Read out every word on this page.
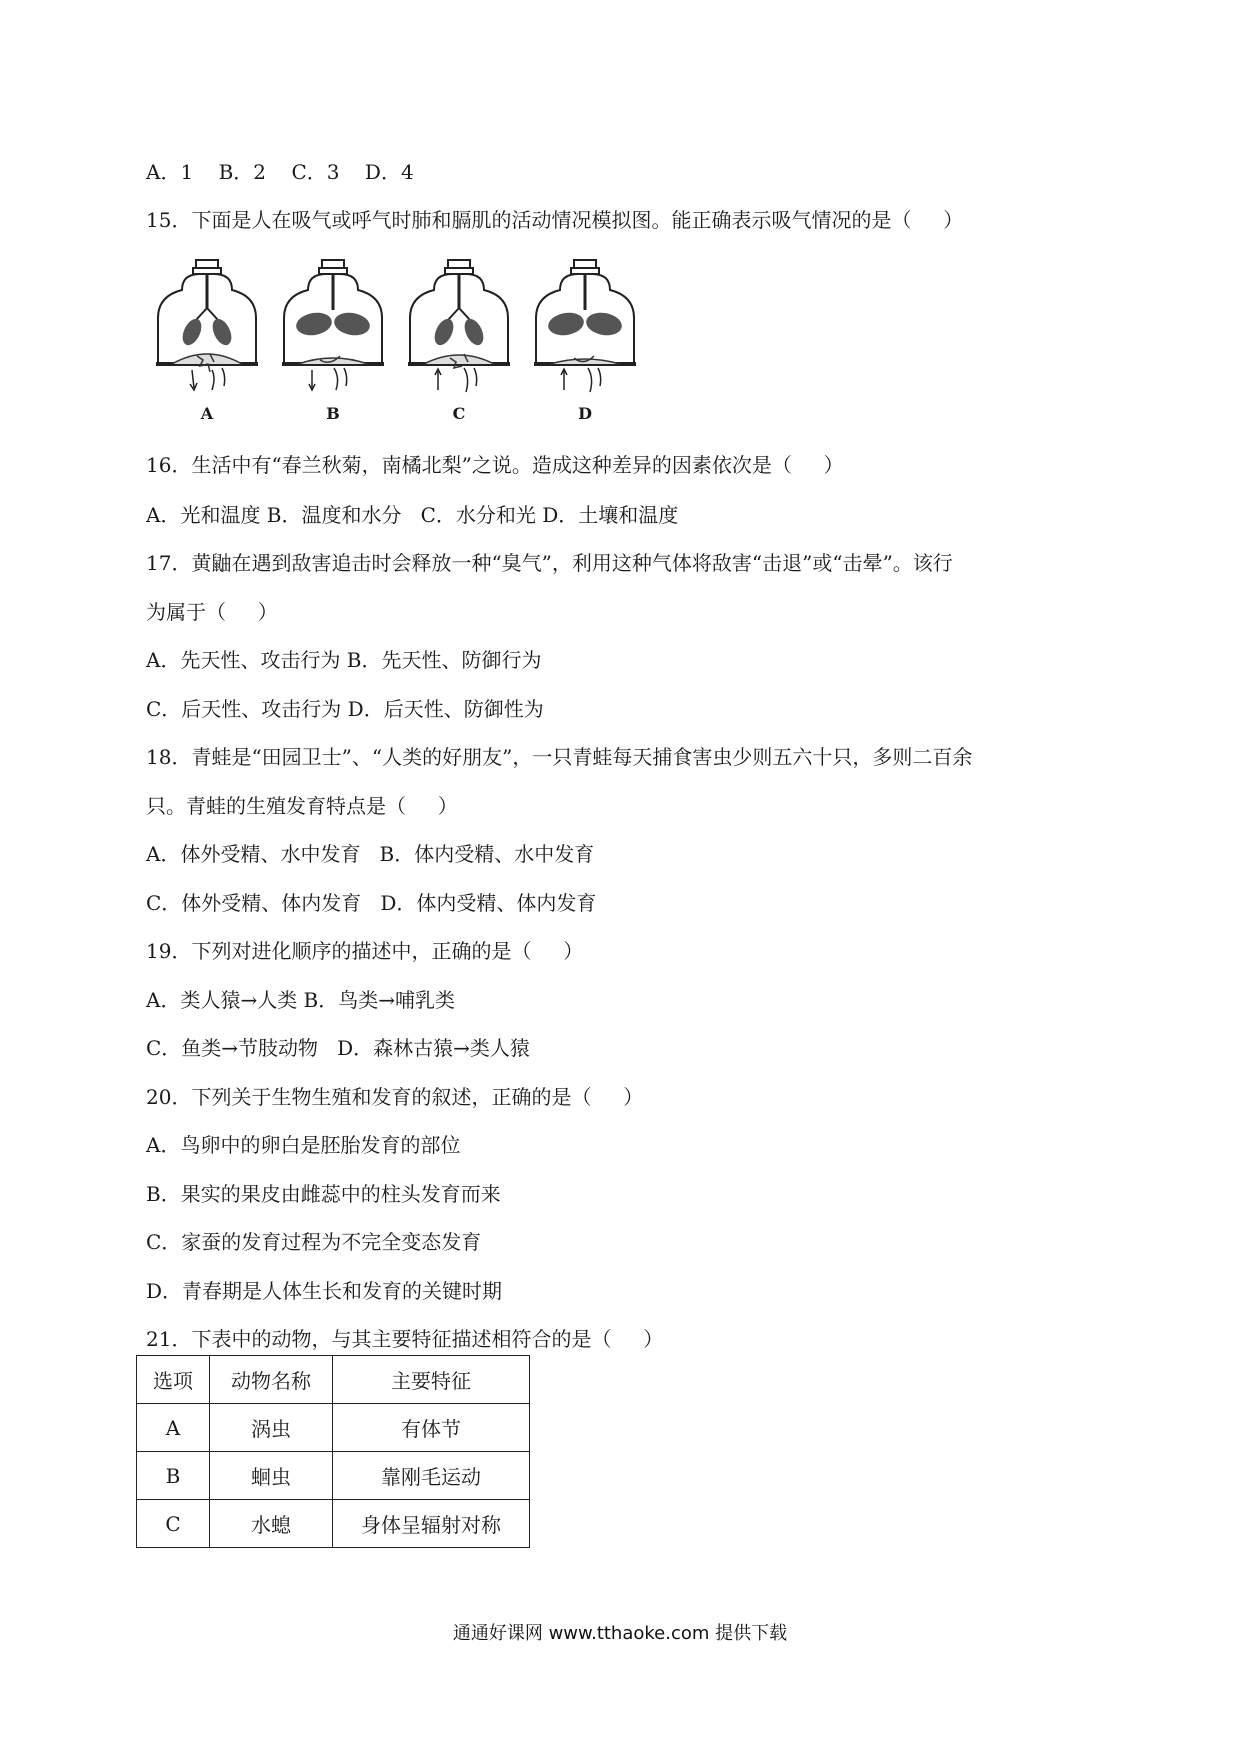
A．1    B．2    C．3    D．4
15．下面是人在吸气或呼气时肺和膈肌的活动情况模拟图。能正确表示吸气情况的是（     ）
A	B	C	D
16．生活中有“春兰秋菊，南橘北梨”之说。造成这种差异的因素依次是（     ）
A．光和温度 B．温度和水分   C．水分和光 D．土壤和温度
17．黄鼬在遇到敌害追击时会释放一种“臭气”，利用这种气体将敌害“击退”或“击晕”。该行
为属于（     ）
A．先天性、攻击行为 B．先天性、防御行为
C．后天性、攻击行为 D．后天性、防御性为
18．青蛙是“田园卫士”、“人类的好朋友”，一只青蛙每天捕食害虫少则五六十只，多则二百余
只。青蛙的生殖发育特点是（     ）
A．体外受精、水中发育   B．体内受精、水中发育
C．体外受精、体内发育   D．体内受精、体内发育
19．下列对进化顺序的描述中，正确的是（     ）
A．类人猿→人类 B．鸟类→哺乳类
C．鱼类→节肢动物   D．森林古猿→类人猿
20．下列关于生物生殖和发育的叙述，正确的是（     ）
A．鸟卵中的卵白是胚胎发育的部位
B．果实的果皮由雌蕊中的柱头发育而来
C．家蚕的发育过程为不完全变态发育
D．青春期是人体生长和发育的关键时期
21．下表中的动物，与其主要特征描述相符合的是（     ）
选项	动物名称	主要特征
A	涡虫	有体节
B	蛔虫	靠刚毛运动
C	水螅	身体呈辐射对称
通通好课网 www.tthaoke.com 提供下载
